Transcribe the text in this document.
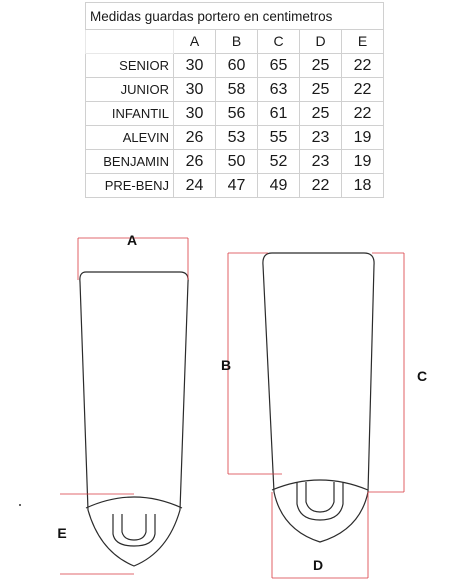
Medidas guardas portero en centimetros					
	A	B	C	D	E
SENIOR	30	60	65	25	22
JUNIOR	30	58	63	25	22
INFANTIL	30	56	61	25	22
ALEVIN	26	53	55	23	19
BENJAMIN	26	50	52	23	19
PRE-BENJ	24	47	49	22	18
A
B
C
D
E
